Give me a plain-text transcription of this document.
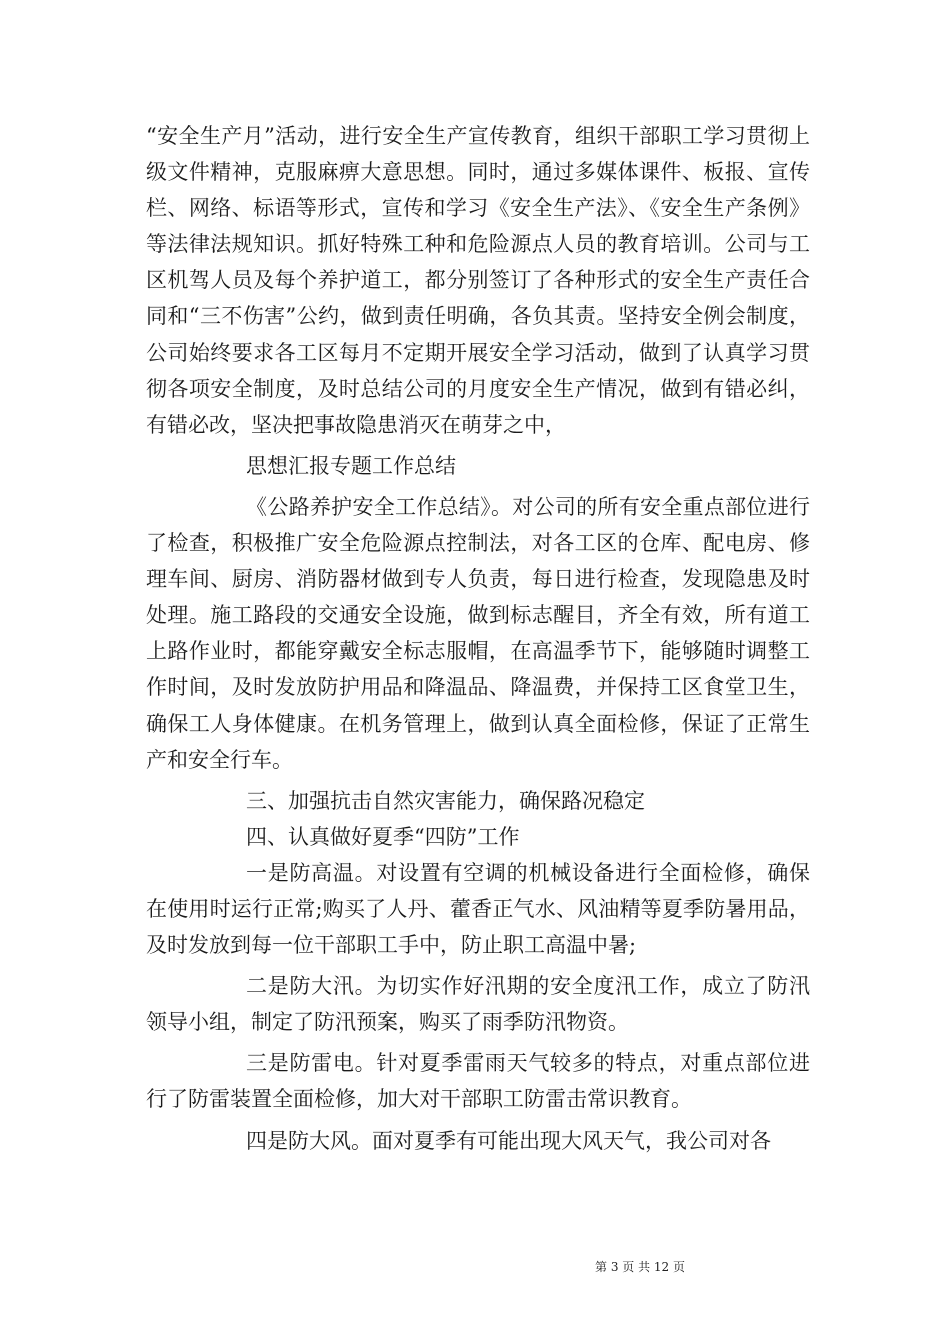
“安全生产月”活动，进行安全生产宣传教育，组织干部职工学习贯彻上级文件精神，克服麻痹大意思想。同时，通过多媒体课件、板报、宣传栏、网络、标语等形式，宣传和学习《安全生产法》、《安全生产条例》等法律法规知识。抓好特殊工种和危险源点人员的教育培训。公司与工区机驾人员及每个养护道工，都分别签订了各种形式的安全生产责任合同和“三不伤害”公约，做到责任明确，各负其责。坚持安全例会制度，公司始终要求各工区每月不定期开展安全学习活动，做到了认真学习贯彻各项安全制度，及时总结公司的月度安全生产情况，做到有错必纠，有错必改，坚决把事故隐患消灭在萌芽之中，

思想汇报专题工作总结

《公路养护安全工作总结》。对公司的所有安全重点部位进行了检查，积极推广安全危险源点控制法，对各工区的仓库、配电房、修理车间、厨房、消防器材做到专人负责，每日进行检查，发现隐患及时处理。施工路段的交通安全设施，做到标志醒目，齐全有效，所有道工上路作业时，都能穿戴安全标志服帽，在高温季节下，能够随时调整工作时间，及时发放防护用品和降温品、降温费，并保持工区食堂卫生，确保工人身体健康。在机务管理上，做到认真全面检修，保证了正常生产和安全行车。

三、加强抗击自然灾害能力，确保路况稳定

四、认真做好夏季“四防”工作

一是防高温。对设置有空调的机械设备进行全面检修，确保在使用时运行正常;购买了人丹、藿香正气水、风油精等夏季防暑用品，及时发放到每一位干部职工手中，防止职工高温中暑;

二是防大汛。为切实作好汛期的安全度汛工作，成立了防汛领导小组，制定了防汛预案，购买了雨季防汛物资。

三是防雷电。针对夏季雷雨天气较多的特点，对重点部位进行了防雷装置全面检修，加大对干部职工防雷击常识教育。

四是防大风。面对夏季有可能出现大风天气，我公司对各

第 3 页 共 12 页
